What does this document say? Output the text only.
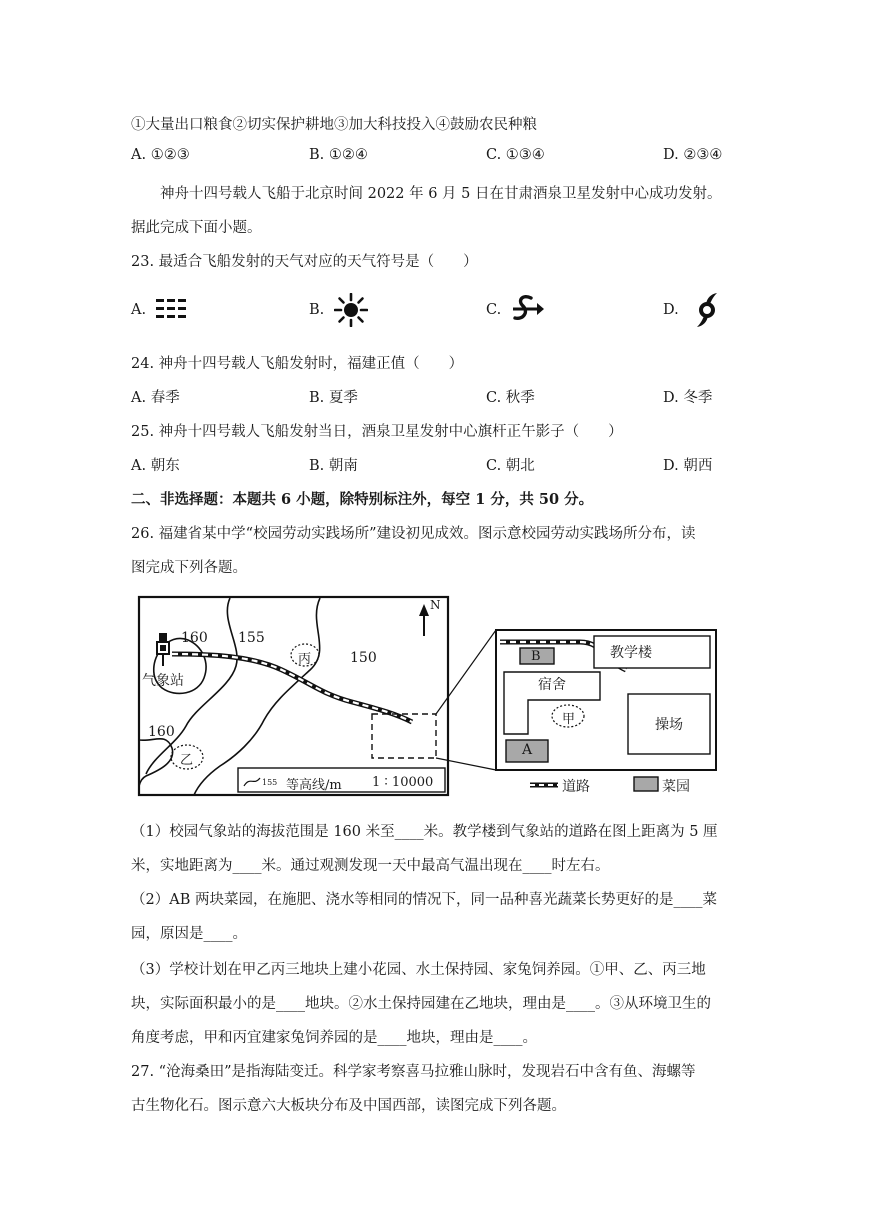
①大量出口粮食②切实保护耕地③加大科技投入④鼓励农民种粮
A. ①②③	B. ①②④	C. ①③④	D. ②③④
神舟十四号载人飞船于北京时间 2022 年 6 月 5 日在甘肃酒泉卫星发射中心成功发射。
据此完成下面小题。
23. 最适合飞船发射的天气对应的天气符号是（　　）
A.	B.	C.	D.
24. 神舟十四号载人飞船发射时，福建正值（　　）
A. 春季	B. 夏季	C. 秋季	D. 冬季
25. 神舟十四号载人飞船发射当日，酒泉卫星发射中心旗杆正午影子（　　）
A. 朝东	B. 朝南	C. 朝北	D. 朝西
二、非选择题：本题共 6 小题，除特别标注外，每空 1 分，共 50 分。
26. 福建省某中学“校园劳动实践场所”建设初见成效。图示意校园劳动实践场所分布，读
图完成下列各题。
160 155
150
160
气象站
丙
乙
N
155 等高线/m 1 ∶ 10000
教学楼
宿舍
操场
甲
A
B
道路	菜园
（1）校园气象站的海拔范围是 160 米至____米。教学楼到气象站的道路在图上距离为 5 厘
米，实地距离为____米。通过观测发现一天中最高气温出现在____时左右。
（2）AB 两块菜园，在施肥、浇水等相同的情况下，同一品种喜光蔬菜长势更好的是____菜
园，原因是____。
（3）学校计划在甲乙丙三地块上建小花园、水土保持园、家兔饲养园。①甲、乙、丙三地
块，实际面积最小的是____地块。②水土保持园建在乙地块，理由是____。③从环境卫生的
角度考虑，甲和丙宜建家兔饲养园的是____地块，理由是____。
27. “沧海桑田”是指海陆变迁。科学家考察喜马拉雅山脉时，发现岩石中含有鱼、海螺等
古生物化石。图示意六大板块分布及中国西部，读图完成下列各题。
